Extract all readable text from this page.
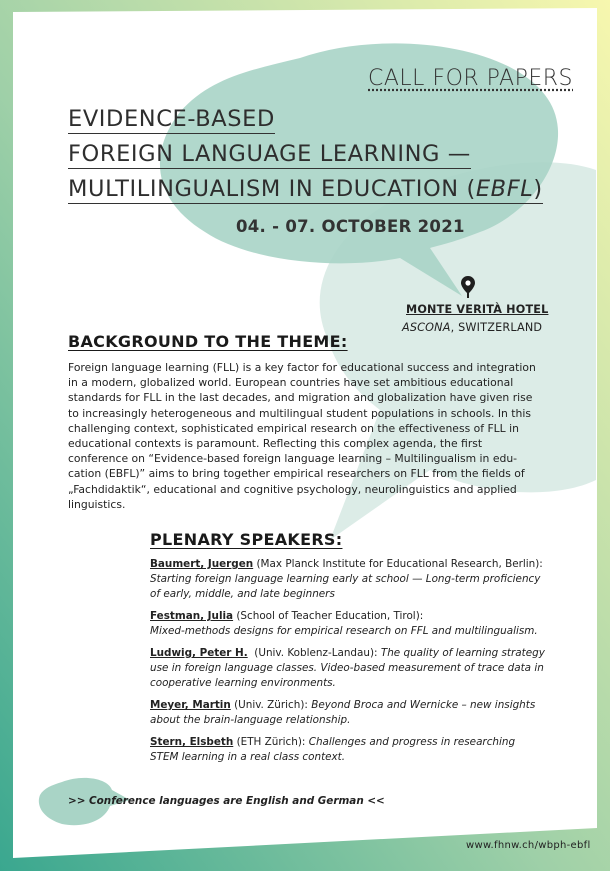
CALL FOR PAPERS
EVIDENCE-BASED
FOREIGN LANGUAGE LEARNING —
MULTILINGUALISM IN EDUCATION (EBFL)
04. - 07. OCTOBER 2021
MONTE VERITÀ HOTEL
ASCONA, SWITZERLAND
BACKGROUND TO THE THEME:

Foreign language learning (FLL) is a key factor for educational success and integration in a modern, globalized world. European countries have set ambitious educational standards for FLL in the last decades, and migration and globalization have given rise to increasingly heterogeneous and multilingual student populations in schools. In this challenging context, sophisticated empirical research on the effectiveness of FLL in educational contexts is paramount. Reflecting this complex agenda, the first conference on “Evidence-based foreign language learning – Multilingualism in education (EBFL)” aims to bring together empirical researchers on FLL from the fields of „Fachdidaktik“, educational and cognitive psychology, neurolinguistics and applied linguistics.

PLENARY SPEAKERS:
Baumert, Juergen (Max Planck Institute for Educational Research, Berlin):
Starting foreign language learning early at school — Long-term proficiency of early, middle, and late beginners
Festman, Julia (School of Teacher Education, Tirol):
Mixed-methods designs for empirical research on FFL and multilingualism.
Ludwig, Peter H.  (Univ. Koblenz-Landau): The quality of learning strategy use in foreign language classes. Video-based measurement of trace data in cooperative learning environments.
Meyer, Martin (Univ. Zürich): Beyond Broca and Wernicke – new insights about the brain-language relationship.
Stern, Elsbeth (ETH Zürich): Challenges and progress in researching STEM learning in a real class context.
>> Conference languages are English and German <<
www.fhnw.ch/wbph-ebfl
